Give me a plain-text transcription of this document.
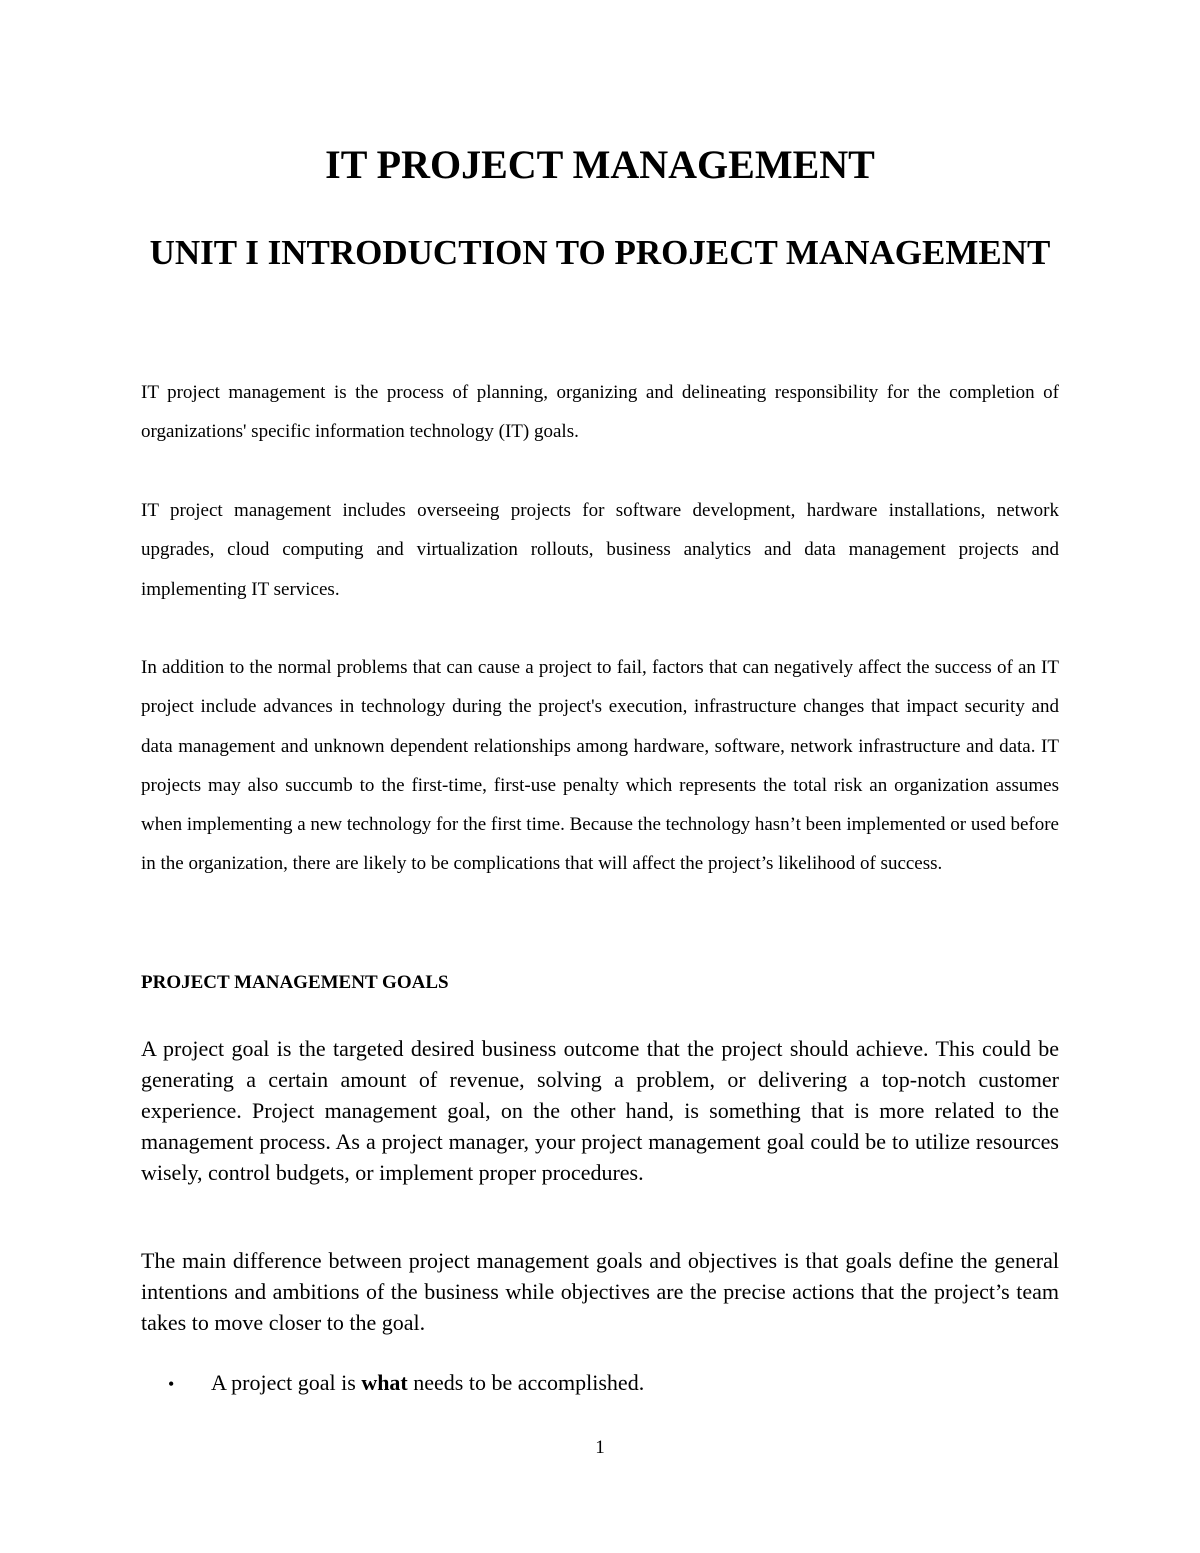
IT PROJECT MANAGEMENT
UNIT I INTRODUCTION TO PROJECT MANAGEMENT

IT project management is the process of planning, organizing and delineating responsibility for the completion of organizations' specific information technology (IT) goals.

IT project management includes overseeing projects for software development, hardware installations, network upgrades, cloud computing and virtualization rollouts, business analytics and data management projects and implementing IT services.

In addition to the normal problems that can cause a project to fail, factors that can negatively affect the success of an IT project include advances in technology during the project's execution, infrastructure changes that impact security and data management and unknown dependent relationships among hardware, software, network infrastructure and data. IT projects may also succumb to the first-time, first-use penalty which represents the total risk an organization assumes when implementing a new technology for the first time. Because the technology hasn’t been implemented or used before in the organization, there are likely to be complications that will affect the project’s likelihood of success.

PROJECT MANAGEMENT GOALS

A project goal is the targeted desired business outcome that the project should achieve. This could be generating a certain amount of revenue, solving a problem, or delivering a top-notch customer experience. Project management goal, on the other hand, is something that is more related to the management process. As a project manager, your project management goal could be to utilize resources wisely, control budgets, or implement proper procedures.

The main difference between project management goals and objectives is that goals define the general intentions and ambitions of the business while objectives are the precise actions that the project’s team takes to move closer to the goal.

•	A project goal is what needs to be accomplished.
1
